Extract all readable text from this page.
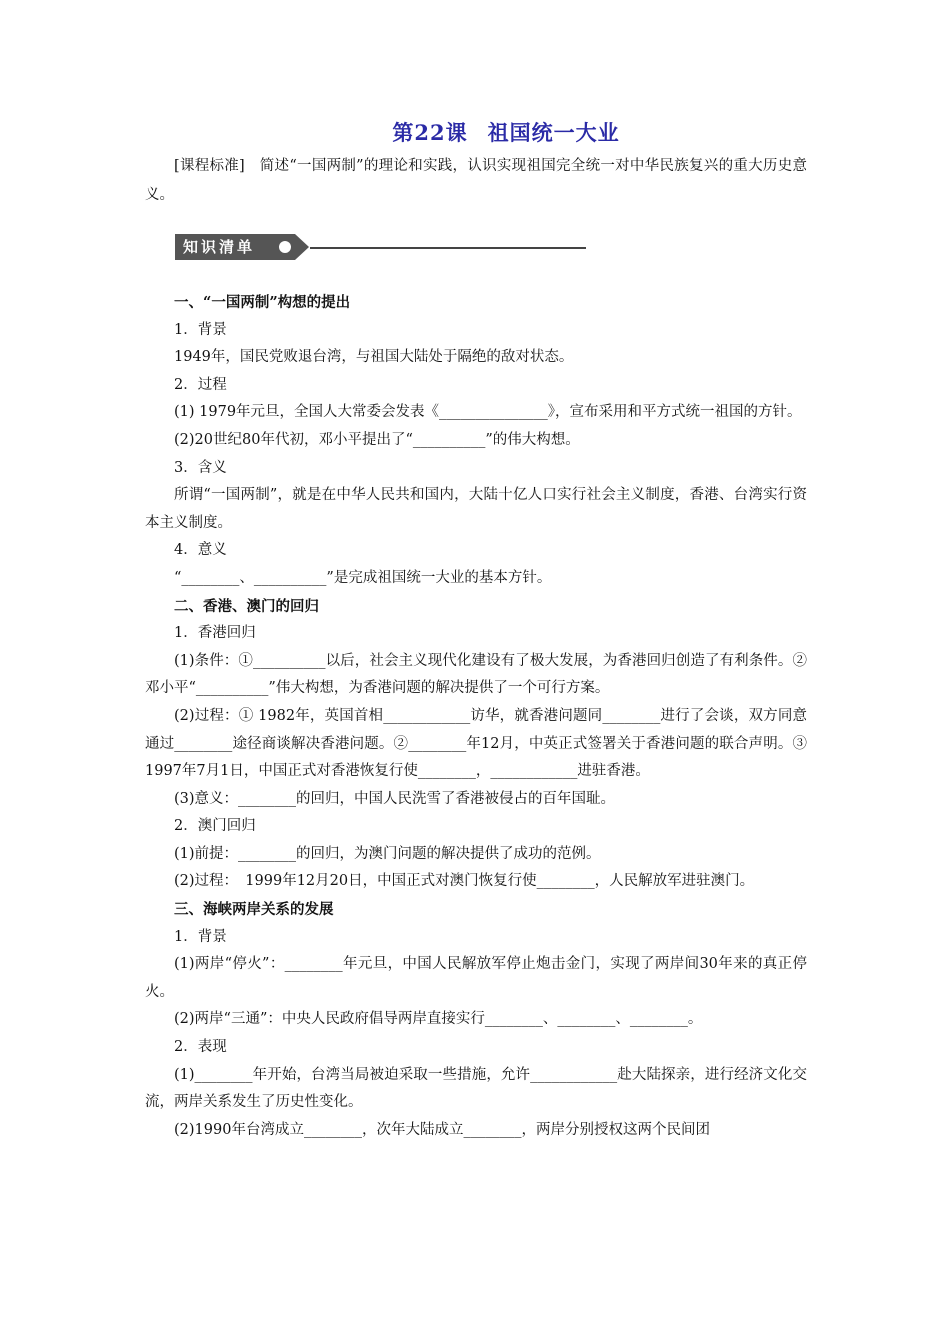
第22课 祖国统一大业

[课程标准]　简述“一国两制”的理论和实践，认识实现祖国完全统一对中华民族复兴的重大历史意义。

知识清单

一、“一国两制”构想的提出

1．背景

1949年，国民党败退台湾，与祖国大陆处于隔绝的敌对状态。

2．过程

(1) 1979年元旦，全国人大常委会发表《_______________》，宣布采用和平方式统一祖国的方针。

(2)20世纪80年代初，邓小平提出了“__________”的伟大构想。

3．含义

所谓“一国两制”，就是在中华人民共和国内，大陆十亿人口实行社会主义制度，香港、台湾实行资本主义制度。

4．意义

“________、__________”是完成祖国统一大业的基本方针。

二、香港、澳门的回归

1．香港回归

(1)条件：①__________以后，社会主义现代化建设有了极大发展，为香港回归创造了有利条件。②邓小平“__________”伟大构想，为香港问题的解决提供了一个可行方案。

(2)过程：① 1982年，英国首相____________访华，就香港问题同________进行了会谈，双方同意通过________途径商谈解决香港问题。②________年12月，中英正式签署关于香港问题的联合声明。③ 1997年7月1日，中国正式对香港恢复行使________，____________进驻香港。

(3)意义：________的回归，中国人民洗雪了香港被侵占的百年国耻。

2．澳门回归

(1)前提：________的回归，为澳门问题的解决提供了成功的范例。

(2)过程：　1999年12月20日，中国正式对澳门恢复行使________，人民解放军进驻澳门。

三、海峡两岸关系的发展

1．背景

(1)两岸“停火”：________年元旦，中国人民解放军停止炮击金门，实现了两岸间30年来的真正停火。

(2)两岸“三通”：中央人民政府倡导两岸直接实行________、________、________。

2．表现

(1)________年开始，台湾当局被迫采取一些措施，允许____________赴大陆探亲，进行经济文化交流，两岸关系发生了历史性变化。

(2)1990年台湾成立________，次年大陆成立________，两岸分别授权这两个民间团
